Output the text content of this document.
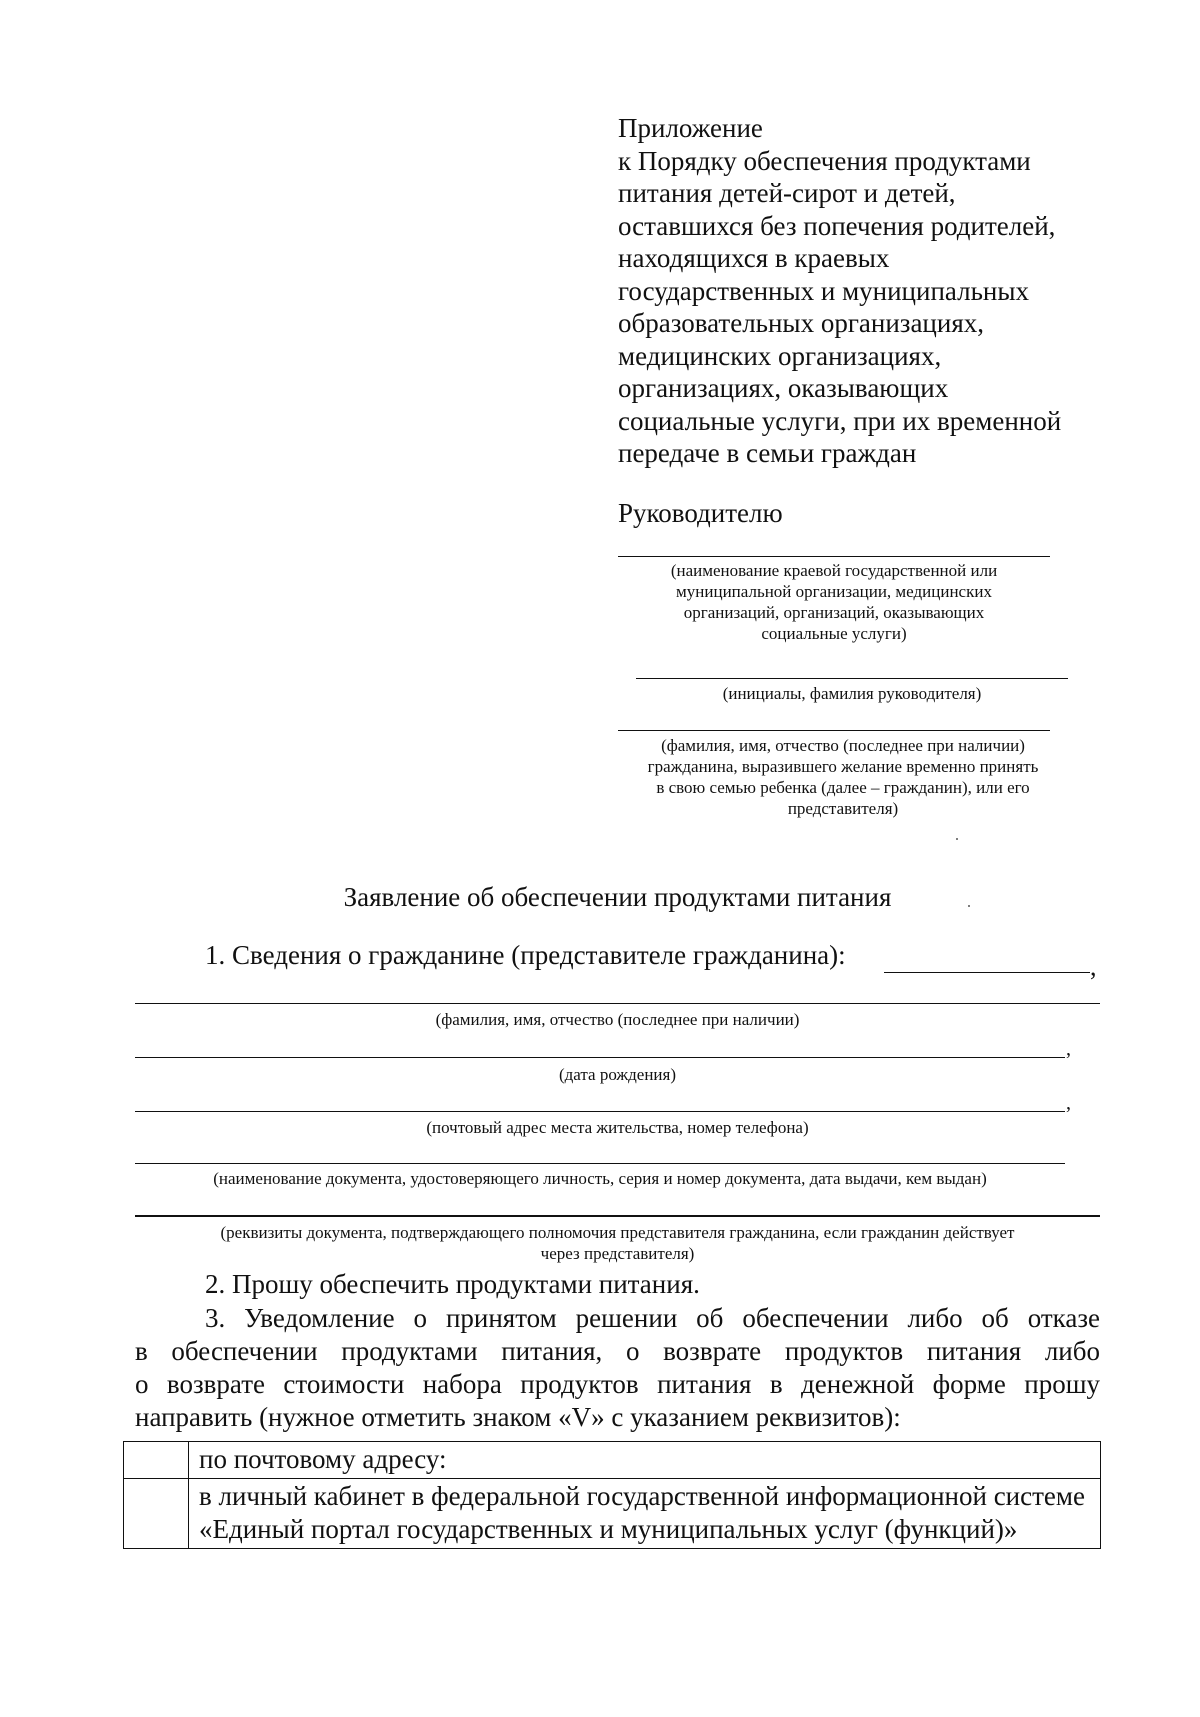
Приложение
к Порядку обеспечения продуктами
питания детей-сирот и детей,
оставшихся без попечения родителей,
находящихся в краевых
государственных и муниципальных
образовательных организациях,
медицинских организациях,
организациях, оказывающих
социальные услуги, при их временной
передаче в семьи граждан
Руководителю
(наименование краевой государственной или
муниципальной организации, медицинских
организаций, организаций, оказывающих
социальные услуги)
(инициалы, фамилия руководителя)
(фамилия, имя, отчество (последнее при наличии)
гражданина, выразившего желание временно принять
в свою семью ребенка (далее – гражданин), или его
представителя)
Заявление об обеспечении продуктами питания
1. Сведения о гражданине (представителе гражданина):	,
(фамилия, имя, отчество (последнее при наличии)
,
(дата рождения)
,
(почтовый адрес места жительства, номер телефона)
(наименование документа, удостоверяющего личность, серия и номер документа, дата выдачи, кем выдан)
(реквизиты документа, подтверждающего полномочия представителя гражданина, если гражданин действует
через представителя)
2. Прошу обеспечить продуктами питания.
3. Уведомление о принятом решении об обеспечении либо об отказе
в обеспечении продуктами питания, о возврате продуктов питания либо
о возврате стоимости набора продуктов питания в денежной форме прошу
направить (нужное отметить знаком «V» с указанием реквизитов):
	по почтовому адресу:
	в личный кабинет в федеральной государственной информационной системе «Единый портал государственных и муниципальных услуг (функций)»
